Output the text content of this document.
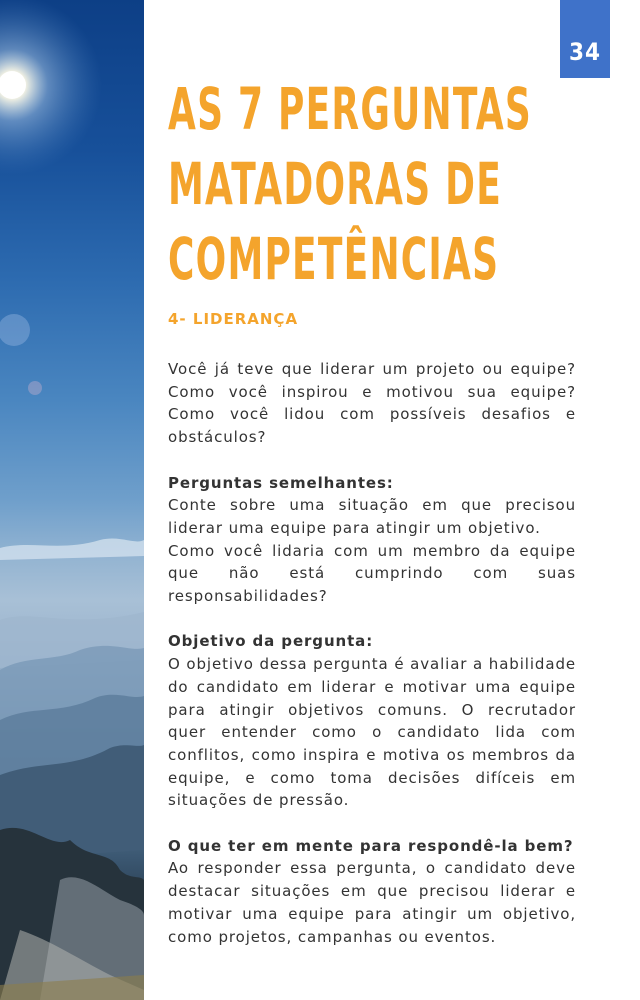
34
AS 7 PERGUNTAS
MATADORAS DE
COMPETÊNCIAS
4- LIDERANÇA

Você já teve que liderar um projeto ou equipe? Como você inspirou e motivou sua equipe? Como você lidou com possíveis desafios e obstáculos?

Perguntas semelhantes:

Conte sobre uma situação em que precisou liderar uma equipe para atingir um objetivo.

Como você lidaria com um membro da equipe que não está cumprindo com suas responsabilidades?

Objetivo da pergunta:

O objetivo dessa pergunta é avaliar a habilidade do candidato em liderar e motivar uma equipe para atingir objetivos comuns. O recrutador quer entender como o candidato lida com conflitos, como inspira e motiva os membros da equipe, e como toma decisões difíceis em situações de pressão.

O que ter em mente para respondê-la bem?

Ao responder essa pergunta, o candidato deve destacar situações em que precisou liderar e motivar uma equipe para atingir um objetivo, como projetos, campanhas ou eventos.
